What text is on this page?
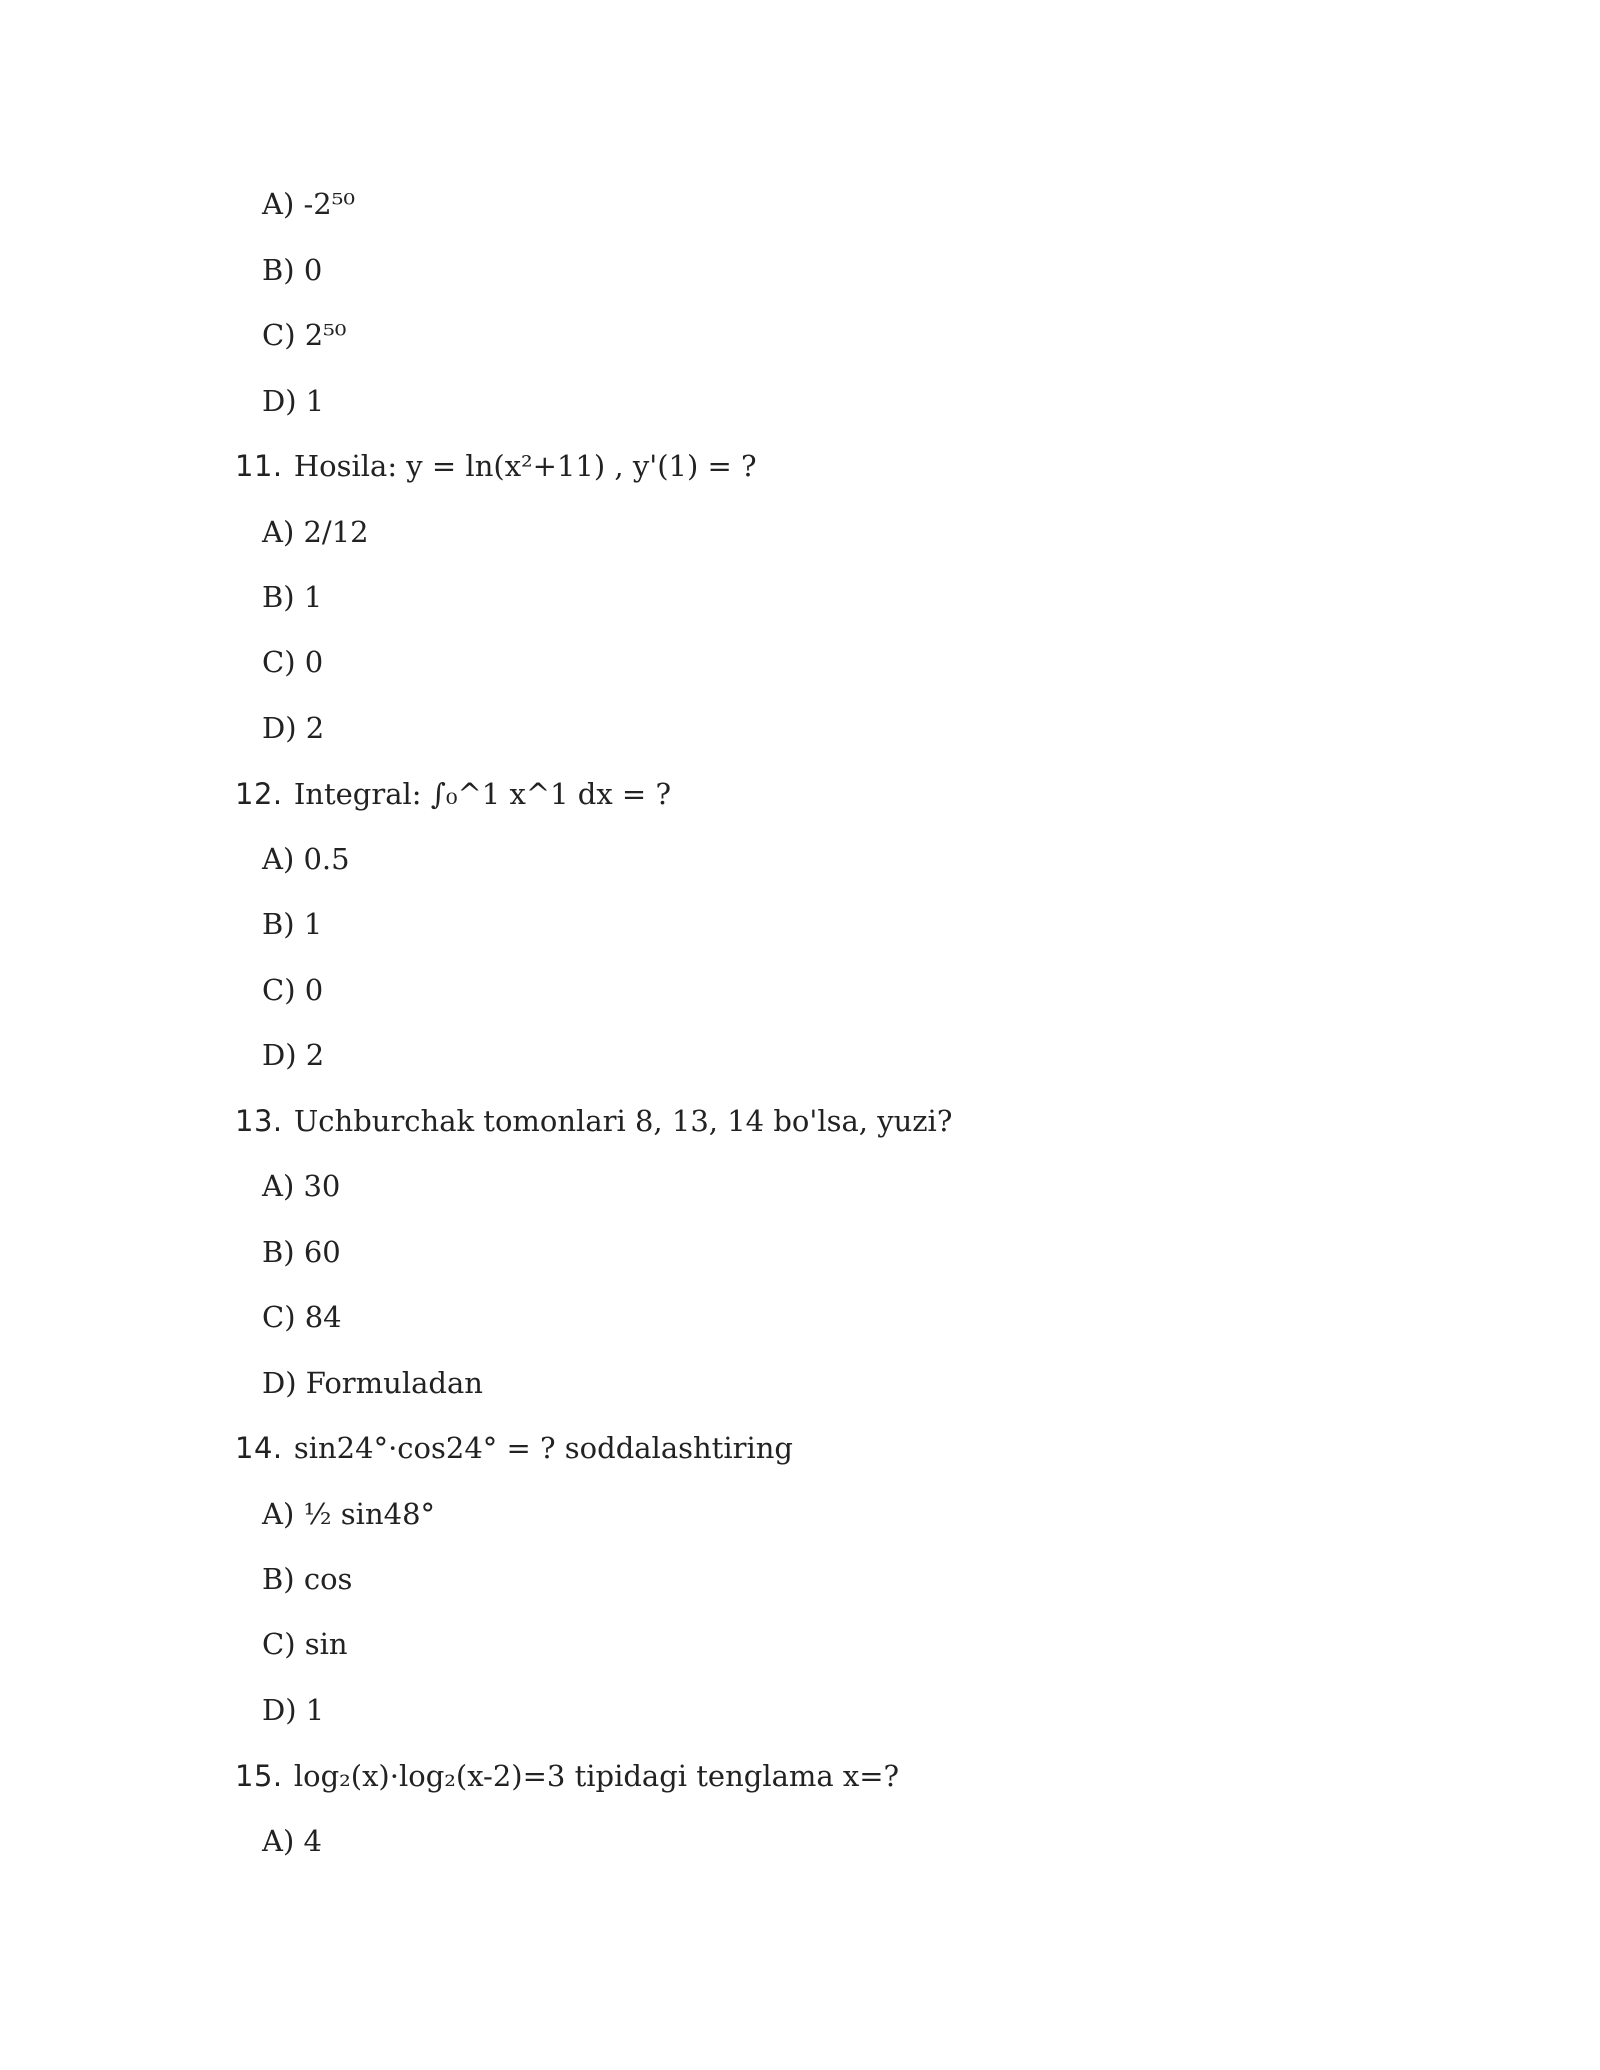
A) -2⁵⁰
B) 0
C) 2⁵⁰
D) 1
11. Hosila: y = ln(x²+11) , y'(1) = ?
A) 2/12
B) 1
C) 0
D) 2
12. Integral: ∫₀^1 x^1 dx = ?
A) 0.5
B) 1
C) 0
D) 2
13. Uchburchak tomonlari 8, 13, 14 bo'lsa, yuzi?
A) 30
B) 60
C) 84
D) Formuladan
14. sin24°·cos24° = ? soddalashtiring
A) ½ sin48°
B) cos
C) sin
D) 1
15. log₂(x)·log₂(x-2)=3 tipidagi tenglama x=?
A) 4
